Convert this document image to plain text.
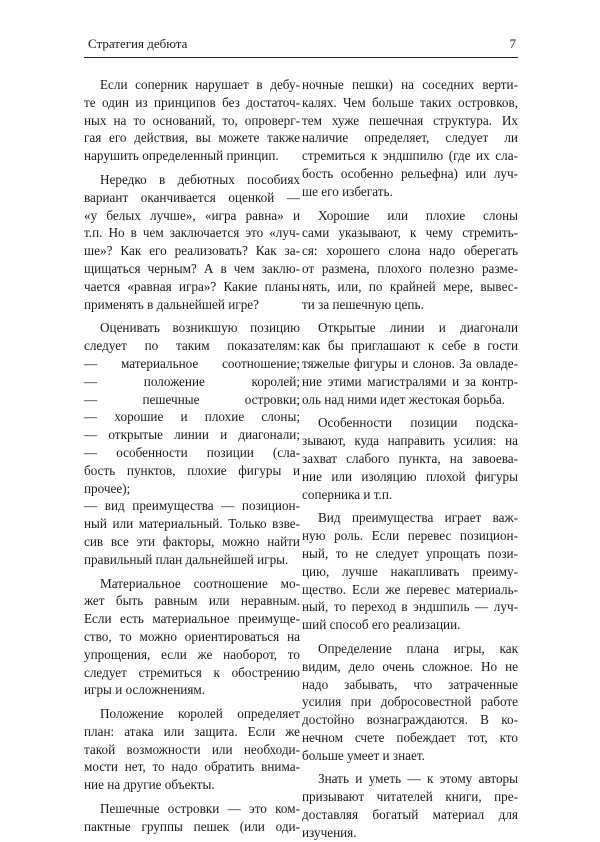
Стратегия дебюта	7
Если соперник нарушает в дебу-
те один из принципов без достаточ-
ных на то оснований, то, опроверг-
гая его действия, вы можете также
нарушить определенный принцип.
Нередко в дебютных пособиях
вариант оканчивается оценкой —
«у белых лучше», «игра равна» и
т.п. Но в чем заключается это «луч-
ше»? Как его реализовать? Как за-
щищаться черным? А в чем заклю-
чается «равная игра»? Какие планы
применять в дальнейшей игре?
Оценивать возникшую позицию
следует по таким показателям:
— материальное соотношение;
— положение королей;
— пешечные островки;
— хорошие и плохие слоны;
— открытые линии и диагонали;
— особенности позиции (сла-
бость пунктов, плохие фигуры и
прочее);
— вид преимущества — позицион-
ный или материальный. Только взве-
сив все эти факторы, можно найти
правильный план дальнейшей игры.
Материальное соотношение мо-
жет быть равным или неравным.
Если есть материальное преимуще-
ство, то можно ориентироваться на
упрощения, если же наоборот, то
следует стремиться к обострению
игры и осложнениям.
Положение королей определяет
план: атака или защита. Если же
такой возможности или необходи-
мости нет, то надо обратить внима-
ние на другие объекты.
Пешечные островки — это ком-
пактные группы пешек (или оди-
ночные пешки) на соседних верти-
калях. Чем больше таких островков,
тем хуже пешечная структура. Их
наличие определяет, следует ли
стремиться к эндшпилю (где их сла-
бость особенно рельефна) или луч-
ше его избегать.
Хорошие или плохие слоны
сами указывают, к чему стремить-
ся: хорошего слона надо оберегать
от размена, плохого полезно разме-
нять, или, по крайней мере, вывес-
ти за пешечную цепь.
Открытые линии и диагонали
как бы приглашают к себе в гости
тяжелые фигуры и слонов. За овладе-
ние этими магистралями и за контр-
оль над ними идет жестокая борьба.
Особенности позиции подска-
зывают, куда направить усилия: на
захват слабого пункта, на завоева-
ние или изоляцию плохой фигуры
соперника и т.п.
Вид преимущества играет важ-
ную роль. Если перевес позицион-
ный, то не следует упрощать пози-
цию, лучше накапливать преиму-
щество. Если же перевес материаль-
ный, то переход в эндшпиль — луч-
ший способ его реализации.
Определение плана игры, как
видим, дело очень сложное. Но не
надо забывать, что затраченные
усилия при добросовестной работе
достойно вознаграждаются. В ко-
нечном счете побеждает тот, кто
больше умеет и знает.
Знать и уметь — к этому авторы
призывают читателей книги, пре-
доставляя богатый материал для
изучения.
